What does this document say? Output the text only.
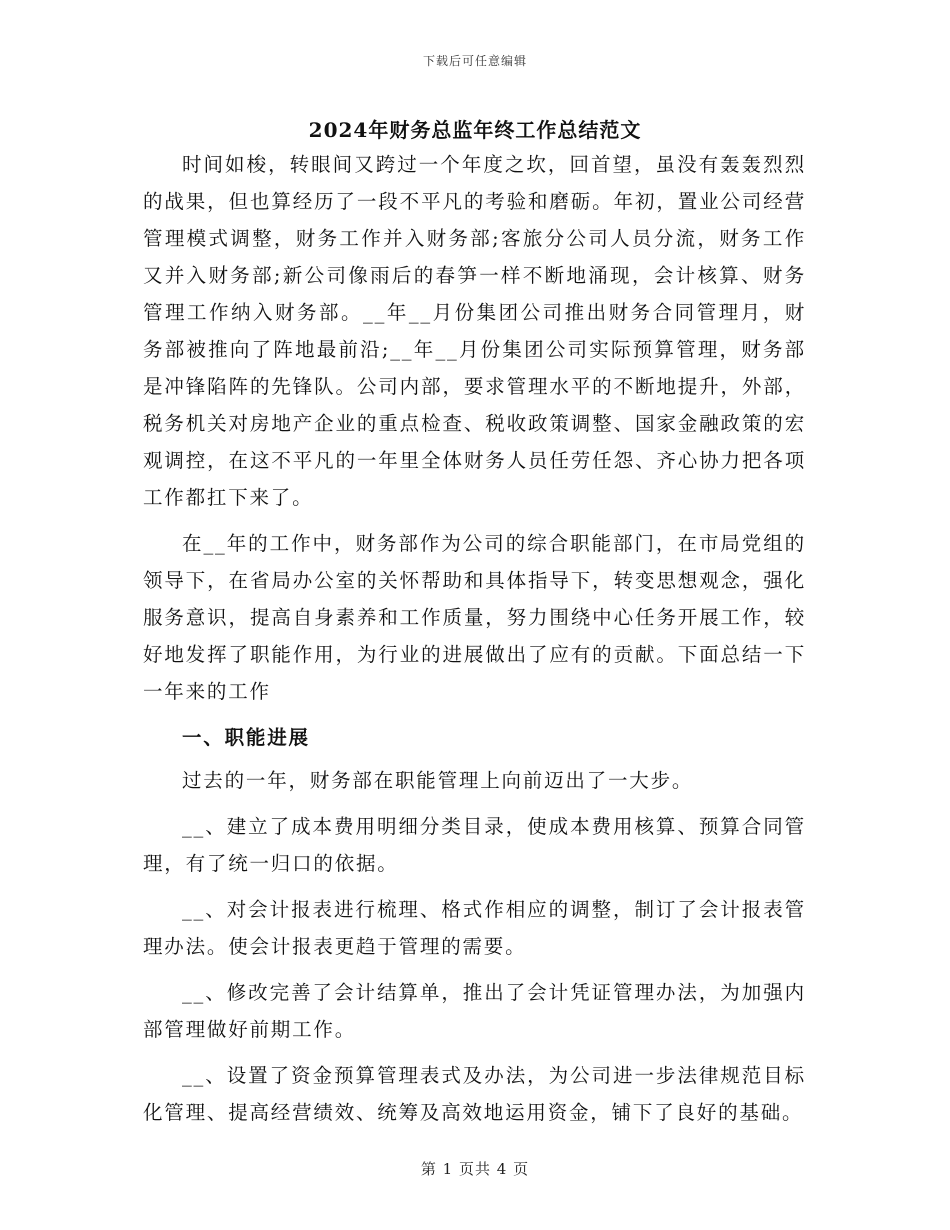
下载后可任意编辑
2024年财务总监年终工作总结范文

时间如梭，转眼间又跨过一个年度之坎，回首望，虽没有轰轰烈烈的战果，但也算经历了一段不平凡的考验和磨砺。年初，置业公司经营管理模式调整，财务工作并入财务部;客旅分公司人员分流，财务工作又并入财务部;新公司像雨后的春笋一样不断地涌现，会计核算、财务管理工作纳入财务部。__年__月份集团公司推出财务合同管理月，财务部被推向了阵地最前沿;__年__月份集团公司实际预算管理，财务部是冲锋陷阵的先锋队。公司内部，要求管理水平的不断地提升，外部，税务机关对房地产企业的重点检查、税收政策调整、国家金融政策的宏观调控，在这不平凡的一年里全体财务人员任劳任怨、齐心协力把各项工作都扛下来了。

在__年的工作中，财务部作为公司的综合职能部门，在市局党组的领导下，在省局办公室的关怀帮助和具体指导下，转变思想观念，强化服务意识，提高自身素养和工作质量，努力围绕中心任务开展工作，较好地发挥了职能作用，为行业的进展做出了应有的贡献。下面总结一下一年来的工作

一、职能进展

过去的一年，财务部在职能管理上向前迈出了一大步。

__、建立了成本费用明细分类目录，使成本费用核算、预算合同管理，有了统一归口的依据。

__、对会计报表进行梳理、格式作相应的调整，制订了会计报表管理办法。使会计报表更趋于管理的需要。

__、修改完善了会计结算单，推出了会计凭证管理办法，为加强内部管理做好前期工作。

__、设置了资金预算管理表式及办法，为公司进一步法律规范目标化管理、提高经营绩效、统筹及高效地运用资金，铺下了良好的基础。

第 1 页共 4 页
